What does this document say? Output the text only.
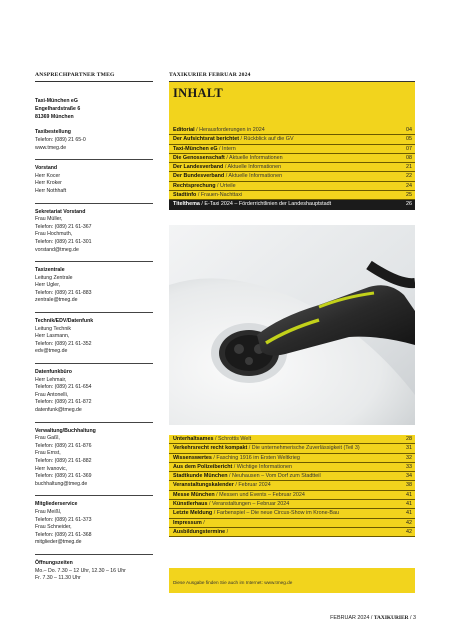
ANSPRECHPARTNER TMEG
Taxi-München eG
Engelhardstraße 6
81369 München
Taxibestellung
Telefon: (089) 21 65-0
www.tmeg.de
Vorstand
Herr Kocer
Herr Kroker
Herr Nothhaft
Sekretariat Vorstand
Frau Müller,
Telefon: (089) 21 61-367
Frau Hochmuth,
Telefon: (089) 21 61-301
vorstand@tmeg.de
Taxizentrale
Leitung Zentrale
Herr Ugler,
Telefon: (089) 21 61-883
zentrale@tmeg.de
Technik/EDV/Datenfunk
Leitung Technik
Herr Lasmann,
Telefon: (089) 21 61-352
edv@tmeg.de
Datenfunkbüro
Herr Lehmair,
Telefon: (089) 21 61-654
Frau Antonelli,
Telefon: (089) 21 61-872
datenfunk@tmeg.de
Verwaltung/Buchhaltung
Frau Gaßl,
Telefon: (089) 21 61-876
Frau Ernst,
Telefon: (089) 21 61-882
Herr Ivanovic,
Telefon: (089) 21 61-369
buchhaltung@tmeg.de
Mitgliederservice
Frau Meißl,
Telefon: (089) 21 61-373
Frau Schneider,
Telefon: (089) 21 61-368
mitglieder@tmeg.de
Öffnungszeiten
Mo.– Do. 7.30 – 12 Uhr, 12.30 – 16 Uhr
Fr. 7.30 – 11.30 Uhr
TAXIKURIER FEBRUAR 2024
INHALT
Editorial / Herausforderungen in 2024	04
Der Aufsichtsrat berichtet / Rückblick auf die GV	05
Taxi-München eG / Intern	07
Die Genossenschaft / Aktuelle Informationen	08
Der Landesverband / Aktuelle Informationen	21
Der Bundesverband / Aktuelle Informationen	22
Rechtsprechung / Urteile	24
Stadtinfo / Frauen-Nachttaxi	25
Titelthema / E-Taxi 2024 – Förderrichtlinien der Landeshauptstadt	26
Unterhaltsames / Schrottis Welt	28
Verkehrsrecht recht kompakt / Die unternehmerische Zuverlässigkeit (Teil 3)	31
Wissenswertes / Fasching 1916 im Ersten Weltkrieg	32
Aus dem Polizeibericht / Wichtige Informationen	33
Stadtkunde München / Neuhausen – Vom Dorf zum Stadtteil	34
Veranstaltungskalender / Februar 2024	38
Messe München / Messen und Events – Februar 2024	41
Künstlerhaus / Veranstaltungen – Februar 2024	41
Letzte Meldung / Farbenspiel – Die neue Circus-Show im Krone-Bau	41
Impressum /	42
Ausbildungstermine /	42
Diese Ausgabe finden Sie auch im Internet: www.tmeg.de
FEBRUAR 2024 / TAXIKURIER / 3
